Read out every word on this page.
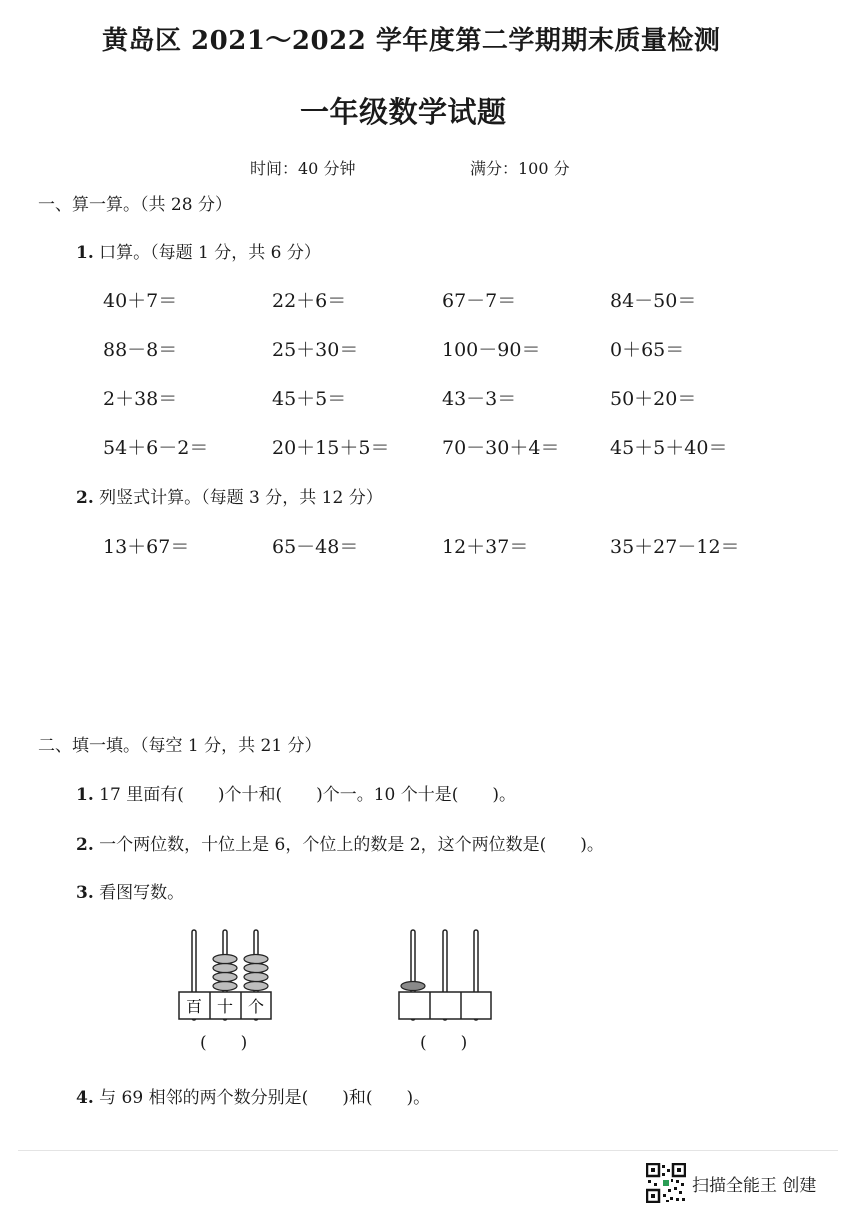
黄岛区 2021～2022 学年度第二学期期末质量检测
一年级数学试题
时间：40 分钟	满分：100 分
一、算一算。（共 28 分）
1. 口算。（每题 1 分，共 6 分）
40＋7＝	22＋6＝	67－7＝	84－50＝
88－8＝	25＋30＝	100－90＝	0＋65＝
2＋38＝	45＋5＝	43－3＝	50＋20＝
54＋6－2＝	20＋15＋5＝	70－30＋4＝	45＋5＋40＝
2. 列竖式计算。（每题 3 分，共 12 分）
13＋67＝	65－48＝	12＋37＝	35＋27－12＝
二、填一填。（每空 1 分，共 21 分）
1. 17 里面有(　　)个十和(　　)个一。10 个十是(　　)。
2. 一个两位数，十位上是 6，个位上的数是 2，这个两位数是(　　)。
3. 看图写数。
百 十 个
(　　)	(　　)
4. 与 69 相邻的两个数分别是(　　)和(　　)。
扫描全能王 创建
